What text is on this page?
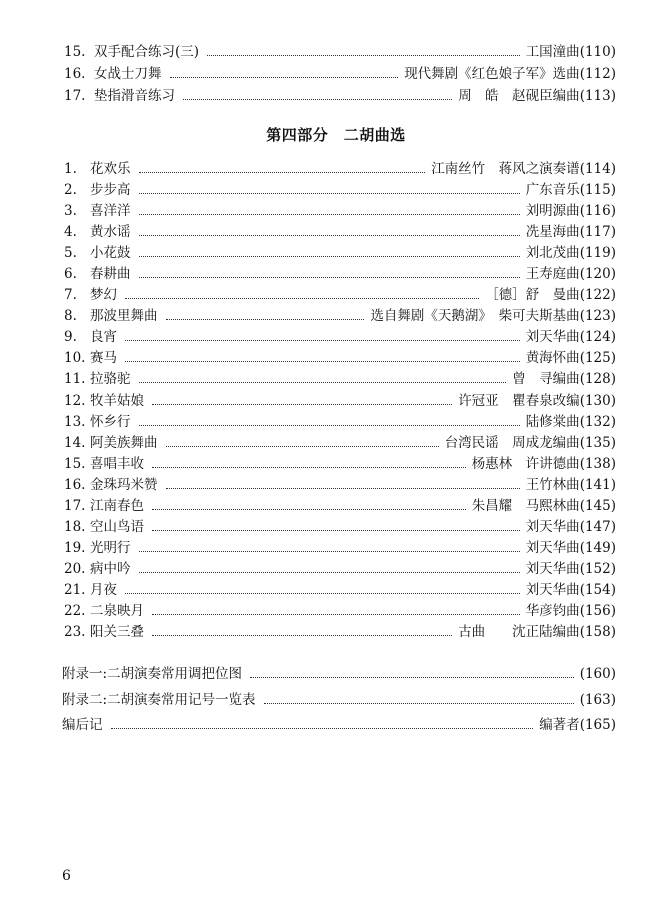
15. 双手配合练习(三)	工国潼曲 (110)
16. 女战士刀舞	现代舞剧《红色娘子军》选曲 (112)
17. 垫指滑音练习	周　皓　赵砚臣编曲 (113)
第四部分　二胡曲选
1. 花欢乐	江南丝竹　蒋风之演奏谱 (114)
2. 步步高	广东音乐 (115)
3. 喜洋洋	刘明源曲 (116)
4. 黄水谣	冼星海曲 (117)
5. 小花鼓	刘北茂曲 (119)
6. 春耕曲	王寿庭曲 (120)
7. 梦幻	［德］舒　曼曲 (122)
8. 那波里舞曲	选自舞剧《天鹅湖》　柴可夫斯基曲 (123)
9. 良宵	刘天华曲 (124)
10. 赛马	黄海怀曲 (125)
11. 拉骆驼	曾　寻编曲 (128)
12. 牧羊姑娘	许冠亚　瞿春泉改编 (130)
13. 怀乡行	陆修棠曲 (132)
14. 阿美族舞曲	台湾民谣　周成龙编曲 (135)
15. 喜唱丰收	杨惠林　许讲德曲 (138)
16. 金珠玛米赞	王竹林曲 (141)
17. 江南春色	朱昌耀　马熙林曲 (145)
18. 空山鸟语	刘天华曲 (147)
19. 光明行	刘天华曲 (149)
20. 病中吟	刘天华曲 (152)
21. 月夜	刘天华曲 (154)
22. 二泉映月	华彦钧曲 (156)
23. 阳关三叠	古曲　　沈正陆编曲 (158)
附录一:二胡演奏常用调把位图	(160)
附录二:二胡演奏常用记号一览表	(163)
编后记	编著者 (165)
6
